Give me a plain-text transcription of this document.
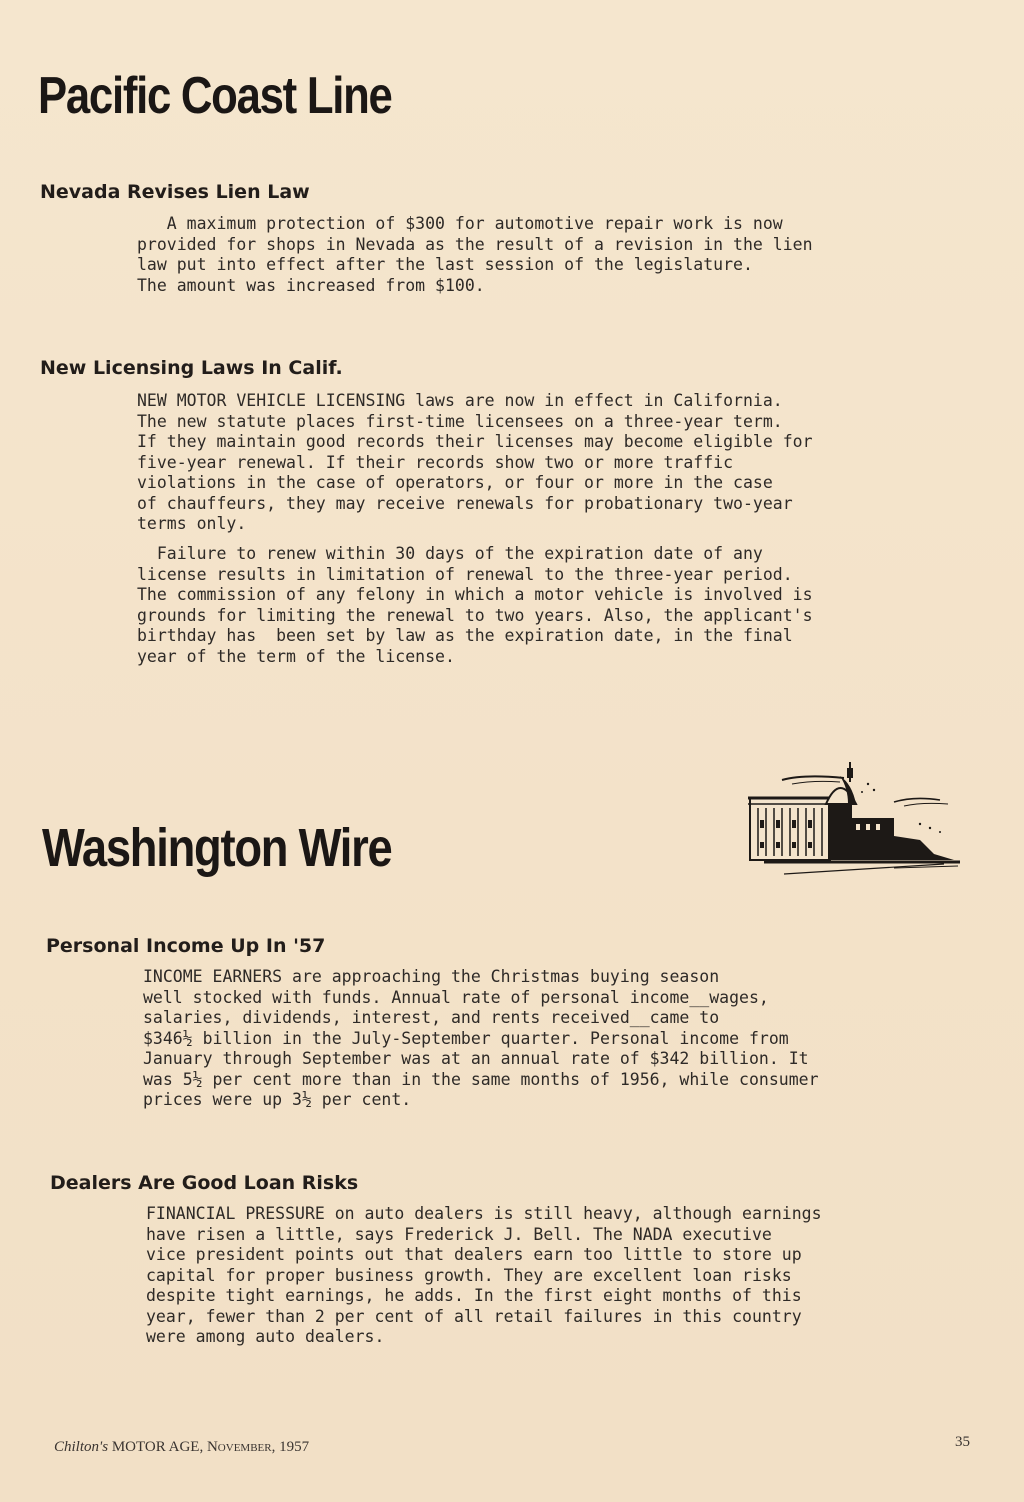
Pacific Coast Line
Nevada Revises Lien Law

A maximum protection of $300 for automotive repair work is now
provided for shops in Nevada as the result of a revision in the lien
law put into effect after the last session of the legislature.
The amount was increased from $100.

New Licensing Laws In Calif.

NEW MOTOR VEHICLE LICENSING laws are now in effect in California.
The new statute places first-time licensees on a three-year term.
If they maintain good records their licenses may become eligible for
five-year renewal. If their records show two or more traffic
violations in the case of operators, or four or more in the case
of chauffeurs, they may receive renewals for probationary two-year
terms only.

Failure to renew within 30 days of the expiration date of any
license results in limitation of renewal to the three-year period.
The commission of any felony in which a motor vehicle is involved is
grounds for limiting the renewal to two years. Also, the applicant's
birthday has  been set by law as the expiration date, in the final
year of the term of the license.

Washington Wire
Personal Income Up In '57

INCOME EARNERS are approaching the Christmas buying season
well stocked with funds. Annual rate of personal income__wages,
salaries, dividends, interest, and rents received__came to
$346½ billion in the July-September quarter. Personal income from
January through September was at an annual rate of $342 billion. It
was 5½ per cent more than in the same months of 1956, while consumer
prices were up 3½ per cent.

Dealers Are Good Loan Risks

FINANCIAL PRESSURE on auto dealers is still heavy, although earnings
have risen a little, says Frederick J. Bell. The NADA executive
vice president points out that dealers earn too little to store up
capital for proper business growth. They are excellent loan risks
despite tight earnings, he adds. In the first eight months of this
year, fewer than 2 per cent of all retail failures in this country
were among auto dealers.

Chilton's MOTOR AGE, November, 1957	35
